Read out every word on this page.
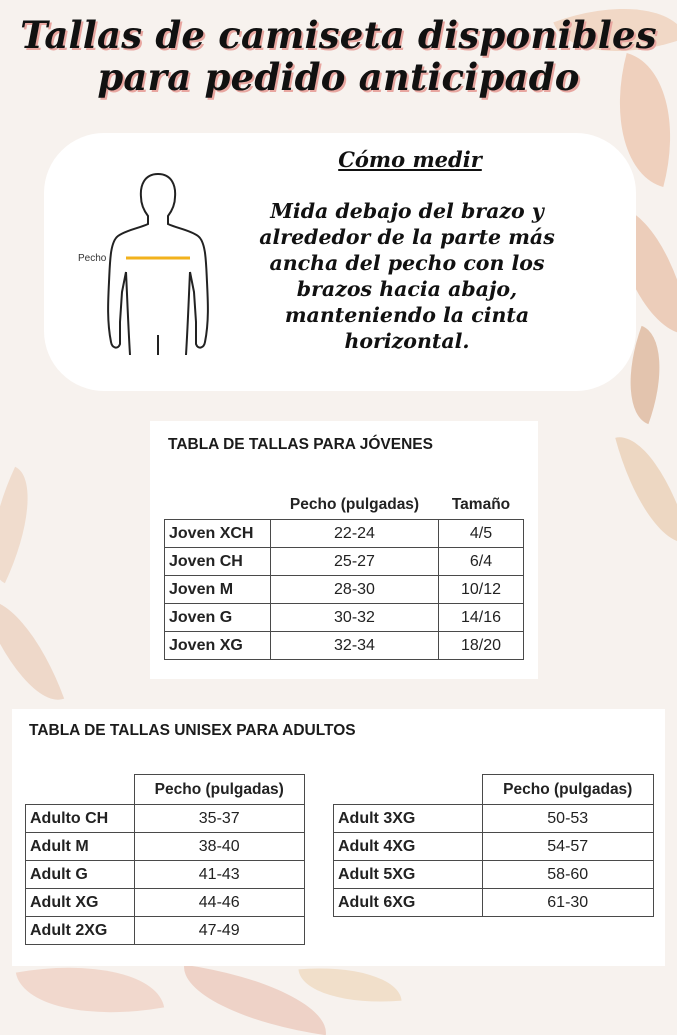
Tallas de camiseta disponibles
para pedido anticipado
Pecho
Cómo medir
Mida debajo del brazo y alrededor de la parte más ancha del pecho con los brazos hacia abajo, manteniendo la cinta horizontal.
TABLA DE TALLAS PARA JÓVENES
	Pecho (pulgadas)	Tamaño
Joven XCH	22-24	4/5
Joven CH	25-27	6/4
Joven M	28-30	10/12
Joven G	30-32	14/16
Joven XG	32-34	18/20
TABLA DE TALLAS UNISEX PARA ADULTOS
	Pecho (pulgadas)
Adulto CH	35-37
Adult M	38-40
Adult G	41-43
Adult XG	44-46
Adult 2XG	47-49
	Pecho (pulgadas)
Adult 3XG	50-53
Adult 4XG	54-57
Adult 5XG	58-60
Adult 6XG	61-30
